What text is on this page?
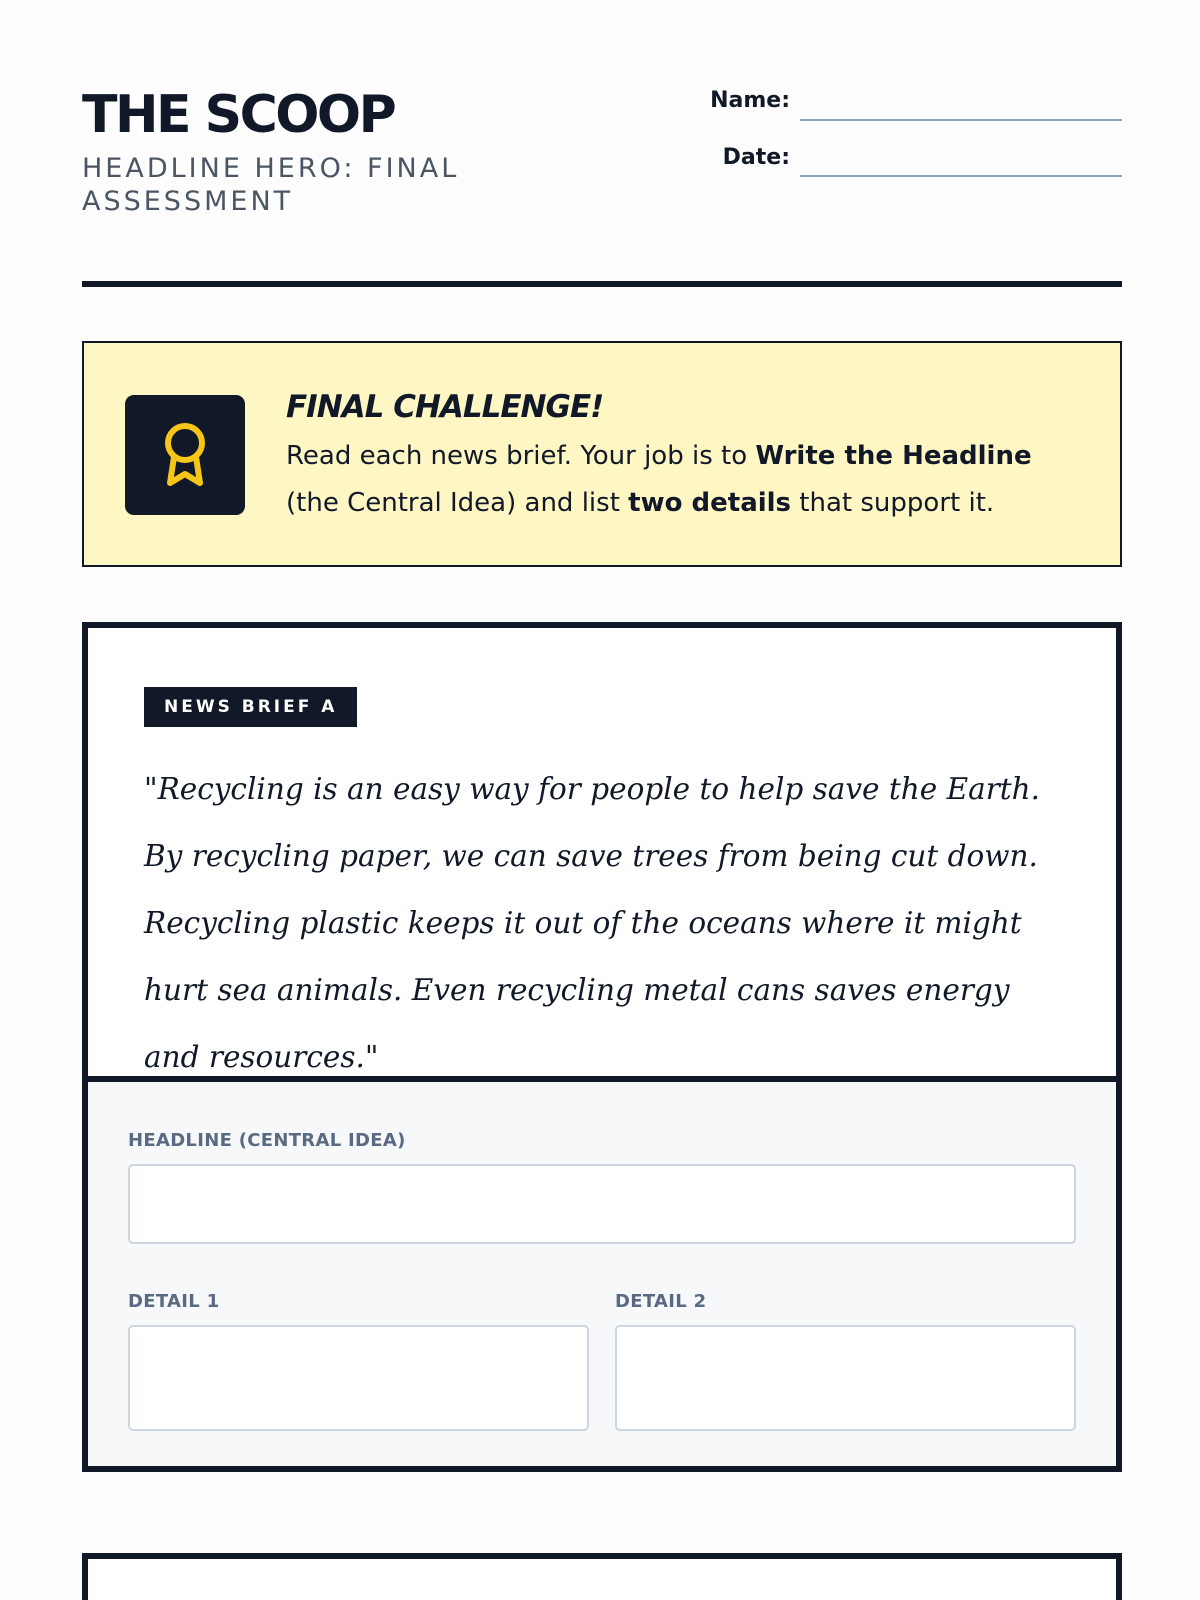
THE SCOOP
HEADLINE HERO: FINAL ASSESSMENT
Name:
Date:
FINAL CHALLENGE!
Read each news brief. Your job is to Write the Headline (the Central Idea) and list two details that support it.
NEWS BRIEF A
"Recycling is an easy way for people to help save the Earth. By recycling paper, we can save trees from being cut down. Recycling plastic keeps it out of the oceans where it might hurt sea animals. Even recycling metal cans saves energy and resources."
HEADLINE (CENTRAL IDEA)
DETAIL 1	DETAIL 2
